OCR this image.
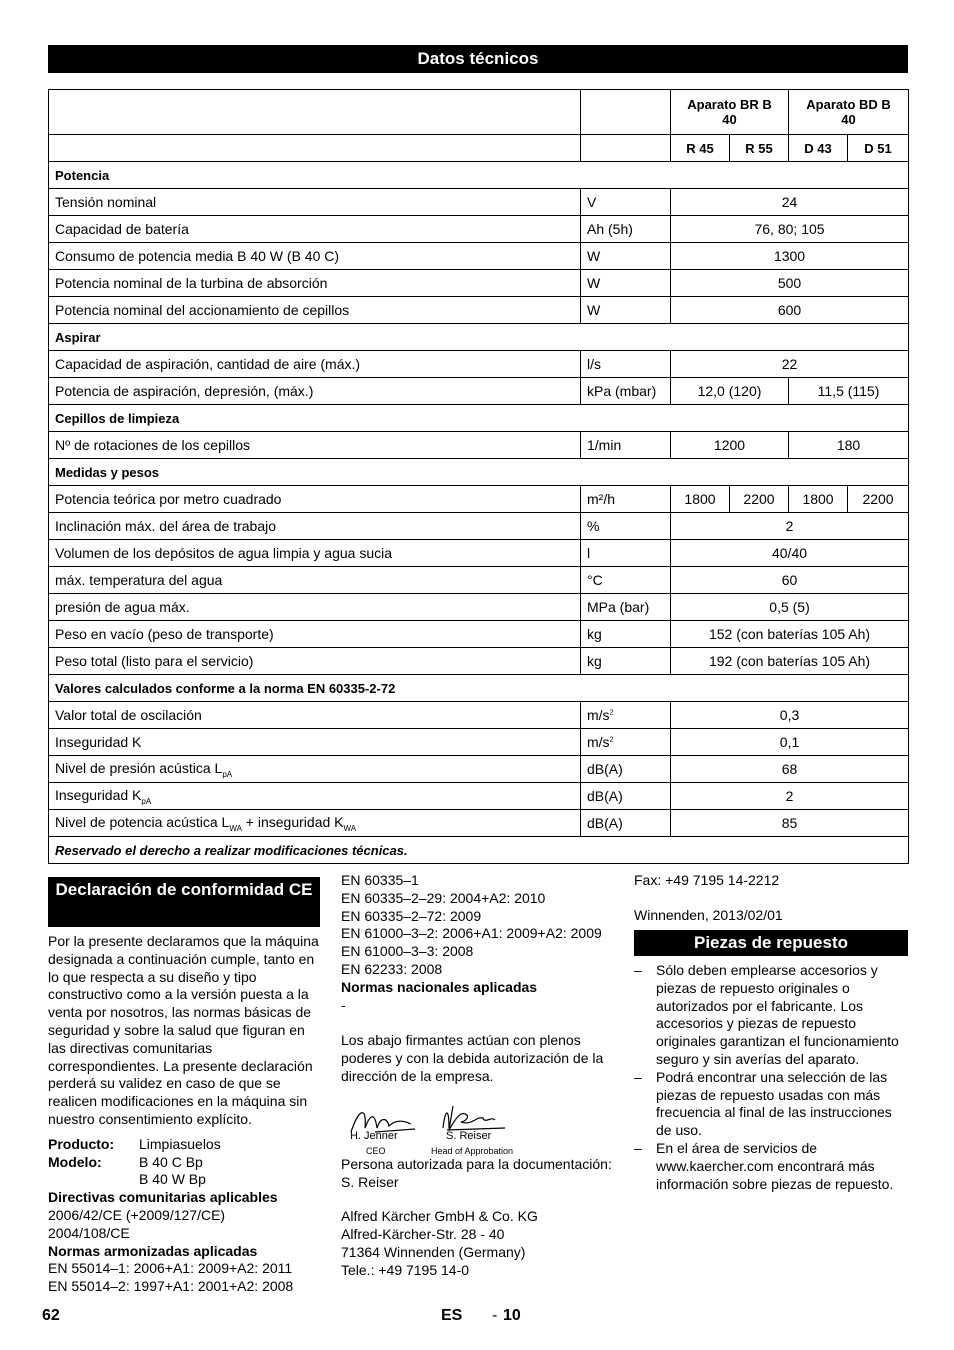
Datos técnicos
		Aparato BR B 40		Aparato BD B 40	
		R 45	R 55	D 43	D 51
Potencia					
Tensión nominal	V	24			
Capacidad de batería	Ah (5h)	76, 80; 105			
Consumo de potencia media B 40 W (B 40 C)	W	1300			
Potencia nominal de la turbina de absorción	W	500			
Potencia nominal del accionamiento de cepillos	W	600			
Aspirar					
Capacidad de aspiración, cantidad de aire (máx.)	l/s	22			
Potencia de aspiración, depresión, (máx.)	kPa (mbar)	12,0 (120)		11,5 (115)	
Cepillos de limpieza					
Nº de rotaciones de los cepillos	1/min	1200		180	
Medidas y pesos					
Potencia teórica por metro cuadrado	m²/h	1800	2200	1800	2200
Inclinación máx. del área de trabajo	%	2			
Volumen de los depósitos de agua limpia y agua sucia	l	40/40			
máx. temperatura del agua	°C	60			
presión de agua máx.	MPa (bar)	0,5 (5)			
Peso en vacío (peso de transporte)	kg	152 (con baterías 105 Ah)			
Peso total (listo para el servicio)	kg	192 (con baterías 105 Ah)			
Valores calculados conforme a la norma EN 60335-2-72					
Valor total de oscilación	$m/s^2$	0,3			
Inseguridad K	$m/s^2$	0,1			
Nivel de presión acústica $L_{pA}$	dB(A)	68			
Inseguridad $K_{pA}$	dB(A)	2			
Nivel de potencia acústica $L_{WA}$ + inseguridad $K_{WA}$	dB(A)	85			
Reservado el derecho a realizar modificaciones técnicas.					
Declaración de conformidad CE

Por la presente declaramos que la máquina designada a continuación cumple, tanto en lo que respecta a su diseño y tipo constructivo como a la versión puesta a la venta por nosotros, las normas básicas de seguridad y sobre la salud que figuran en las directivas comunitarias correspondientes. La presente declaración perderá su validez en caso de que se realicen modificaciones en la máquina sin nuestro consentimiento explícito.

Producto:	Limpiasuelos
Modelo:	B 40 C Bp
B 40 W Bp

Directivas comunitarias aplicables

2006/42/CE (+2009/127/CE)

2004/108/CE

Normas armonizadas aplicadas

EN 55014–1: 2006+A1: 2009+A2: 2011

EN 55014–2: 1997+A1: 2001+A2: 2008

EN 60335–1

EN 60335–2–29: 2004+A2: 2010

EN 60335–2–72: 2009

EN 61000–3–2: 2006+A1: 2009+A2: 2009

EN 61000–3–3: 2008

EN 62233: 2008

Normas nacionales aplicadas

-

Los abajo firmantes actúan con plenos poderes y con la debida autorización de la dirección de la empresa.

H. Jenner
CEO
S. Reiser
Head of Approbation

Persona autorizada para la documentación:

S. Reiser

Alfred Kärcher GmbH & Co. KG

Alfred-Kärcher-Str. 28 - 40

71364 Winnenden (Germany)

Tele.: +49 7195 14-0

Fax: +49 7195 14-2212

Winnenden, 2013/02/01

Piezas de repuesto
– Sólo deben emplearse accesorios y piezas de repuesto originales o autorizados por el fabricante. Los accesorios y piezas de repuesto originales garantizan el funcionamiento seguro y sin averías del aparato.
– Podrá encontrar una selección de las piezas de repuesto usadas con más frecuencia al final de las instrucciones de uso.
– En el área de servicios de www.kaercher.com encontrará más información sobre piezas de repuesto.
62	ES - 10
